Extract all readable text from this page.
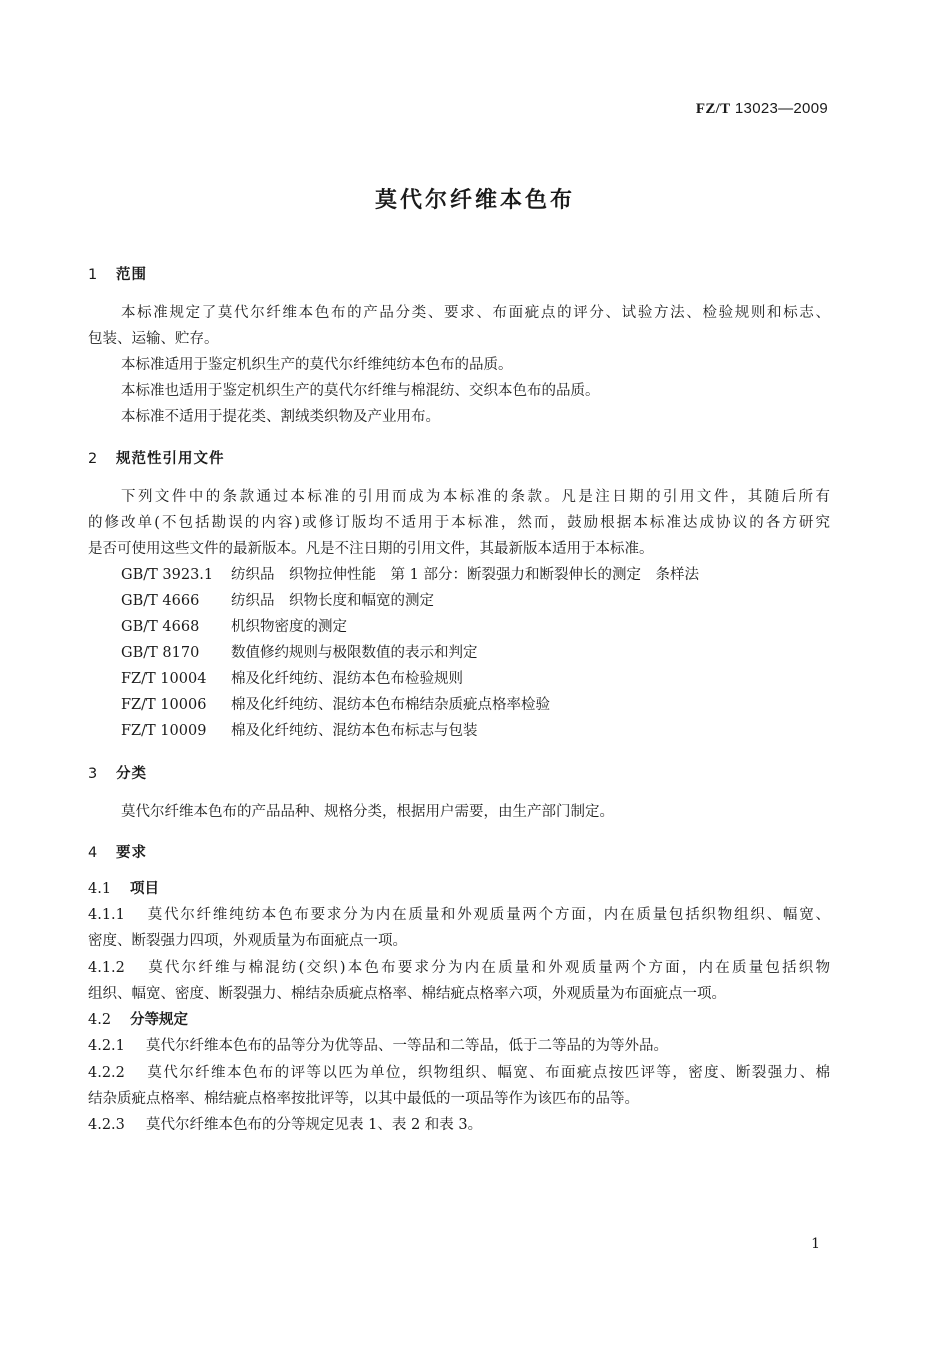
FZ/T 13023—2009
莫代尔纤维本色布
1 范围
本标准规定了莫代尔纤维本色布的产品分类、要求、布面疵点的评分、试验方法、检验规则和标志、
包装、运输、贮存。
本标准适用于鉴定机织生产的莫代尔纤维纯纺本色布的品质。
本标准也适用于鉴定机织生产的莫代尔纤维与棉混纺、交织本色布的品质。
本标准不适用于提花类、割绒类织物及产业用布。
2 规范性引用文件
下列文件中的条款通过本标准的引用而成为本标准的条款。凡是注日期的引用文件，其随后所有
的修改单(不包括勘误的内容)或修订版均不适用于本标准，然而，鼓励根据本标准达成协议的各方研究
是否可使用这些文件的最新版本。凡是不注日期的引用文件，其最新版本适用于本标准。
GB/T 3923.1 纺织品　织物拉伸性能　第 1 部分：断裂强力和断裂伸长的测定　条样法
GB/T 4666 纺织品　织物长度和幅宽的测定
GB/T 4668 机织物密度的测定
GB/T 8170 数值修约规则与极限数值的表示和判定
FZ/T 10004 棉及化纤纯纺、混纺本色布检验规则
FZ/T 10006 棉及化纤纯纺、混纺本色布棉结杂质疵点格率检验
FZ/T 10009 棉及化纤纯纺、混纺本色布标志与包装
3 分类
莫代尔纤维本色布的产品品种、规格分类，根据用户需要，由生产部门制定。
4 要求
4.1 项目
4.1.1 莫代尔纤维纯纺本色布要求分为内在质量和外观质量两个方面，内在质量包括织物组织、幅宽、
密度、断裂强力四项，外观质量为布面疵点一项。
4.1.2 莫代尔纤维与棉混纺(交织)本色布要求分为内在质量和外观质量两个方面，内在质量包括织物
组织、幅宽、密度、断裂强力、棉结杂质疵点格率、棉结疵点格率六项，外观质量为布面疵点一项。
4.2 分等规定
4.2.1 莫代尔纤维本色布的品等分为优等品、一等品和二等品，低于二等品的为等外品。
4.2.2 莫代尔纤维本色布的评等以匹为单位，织物组织、幅宽、布面疵点按匹评等，密度、断裂强力、棉
结杂质疵点格率、棉结疵点格率按批评等，以其中最低的一项品等作为该匹布的品等。
4.2.3 莫代尔纤维本色布的分等规定见表 1、表 2 和表 3。
1
